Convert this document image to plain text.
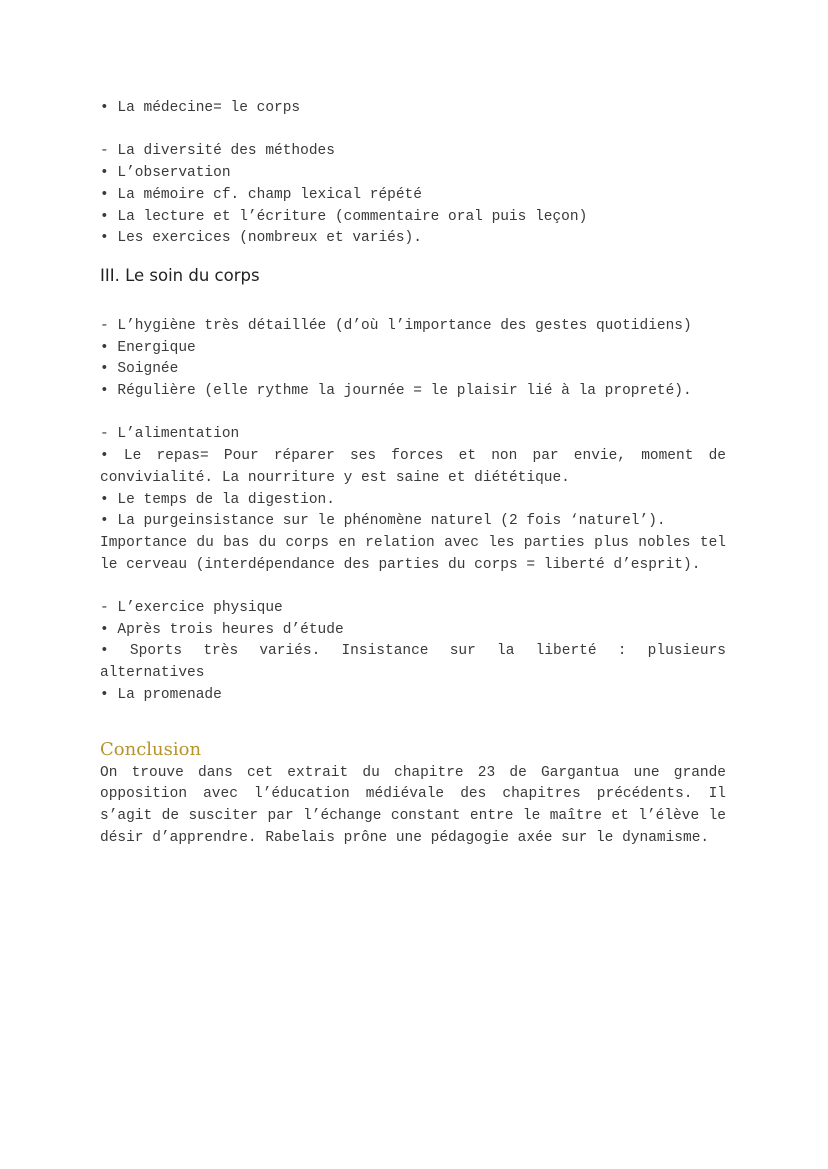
• La médecine= le corps
- La diversité des méthodes
• L’observation
• La mémoire cf. champ lexical répété
• La lecture et l’écriture (commentaire oral puis leçon)
• Les exercices (nombreux et variés).
III. Le soin du corps
- L’hygiène très détaillée (d’où l’importance des gestes quotidiens)
• Energique
• Soignée
• Régulière (elle rythme la journée = le plaisir lié à la propreté).
- L’alimentation
• Le repas= Pour réparer ses forces et non par envie, moment de convivialité. La nourriture y est saine et diététique.
• Le temps de la digestion.
• La purgeinsistance sur le phénomène naturel (2 fois ‘naturel’).
Importance du bas du corps en relation avec les parties plus nobles tel le cerveau (interdépendance des parties du corps = liberté d’esprit).
- L’exercice physique
• Après trois heures d’étude
• Sports très variés. Insistance sur la liberté : plusieurs alternatives
• La promenade
Conclusion
On trouve dans cet extrait du chapitre 23 de Gargantua une grande opposition avec l’éducation médiévale des chapitres précédents. Il s’agit de susciter par l’échange constant entre le maître et l’élève le désir d’apprendre. Rabelais prône une pédagogie axée sur le dynamisme.
